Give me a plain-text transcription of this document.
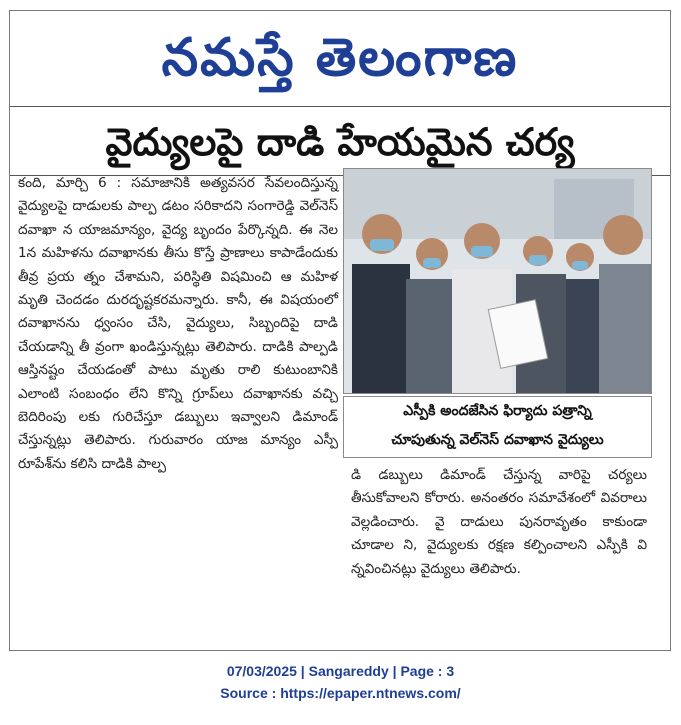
నమస్తే తెలంగాణ
వైద్యులపై దాడి హేయమైన చర్య

కంది, మార్చి 6 : సమాజానికి అత్యవసర సేవలందిస్తున్న వైద్యులపై దాడులకు పాల్ప డటం సరికాదని సంగారెడ్డి వెల్‌నెస్ దవాఖా న యాజమాన్యం, వైద్య బృందం పేర్కొన్నది. ఈ నెల 1న మహిళను దవాఖానకు తీసు కొస్తే ప్రాణాలు కాపాడేందుకు తీవ్ర ప్రయ త్నం చేశామని, పరిస్థితి విషమించి ఆ మహిళ మృతి చెందడం దురదృష్టకరమన్నారు. కానీ, ఈ విషయంలో దవాఖానను ధ్వంసం చేసి, వైద్యులు, సిబ్బందిపై దాడి చేయడాన్ని తీ వ్రంగా ఖండిస్తున్నట్లు తెలిపారు. దాడికి పాల్పడి ఆస్తినష్టం చేయడంతో పాటు మృతు రాలి కుటుంబానికి ఎలాంటి సంబంధం లేని కొన్ని గ్రూప్‌లు దవాఖానకు వచ్చి బెదిరింపు లకు గురిచేస్తూ డబ్బులు ఇవ్వాలని డిమాండ్ చేస్తున్నట్లు తెలిపారు. గురువారం యాజ మాన్యం ఎస్పీ రూపేశ్‌ను కలిసి దాడికి పాల్ప

ఎస్పీకి అందజేసిన ఫిర్యాదు పత్రాన్ని
చూపుతున్న వెల్‌నెస్ దవాఖాన వైద్యులు

డి డబ్బులు డిమాండ్ చేస్తున్న వారిపై చర్యలు తీసుకోవాలని కోరారు. అనంతరం సమావేశంలో వివరాలు వెల్లడించారు. వై దాడులు పునరావృతం కాకుండా చూడాల ని, వైద్యులకు రక్షణ కల్పించాలని ఎస్పీకి వి న్నవించినట్లు వైద్యులు తెలిపారు.

07/03/2025 | Sangareddy | Page : 3
Source : https://epaper.ntnews.com/
